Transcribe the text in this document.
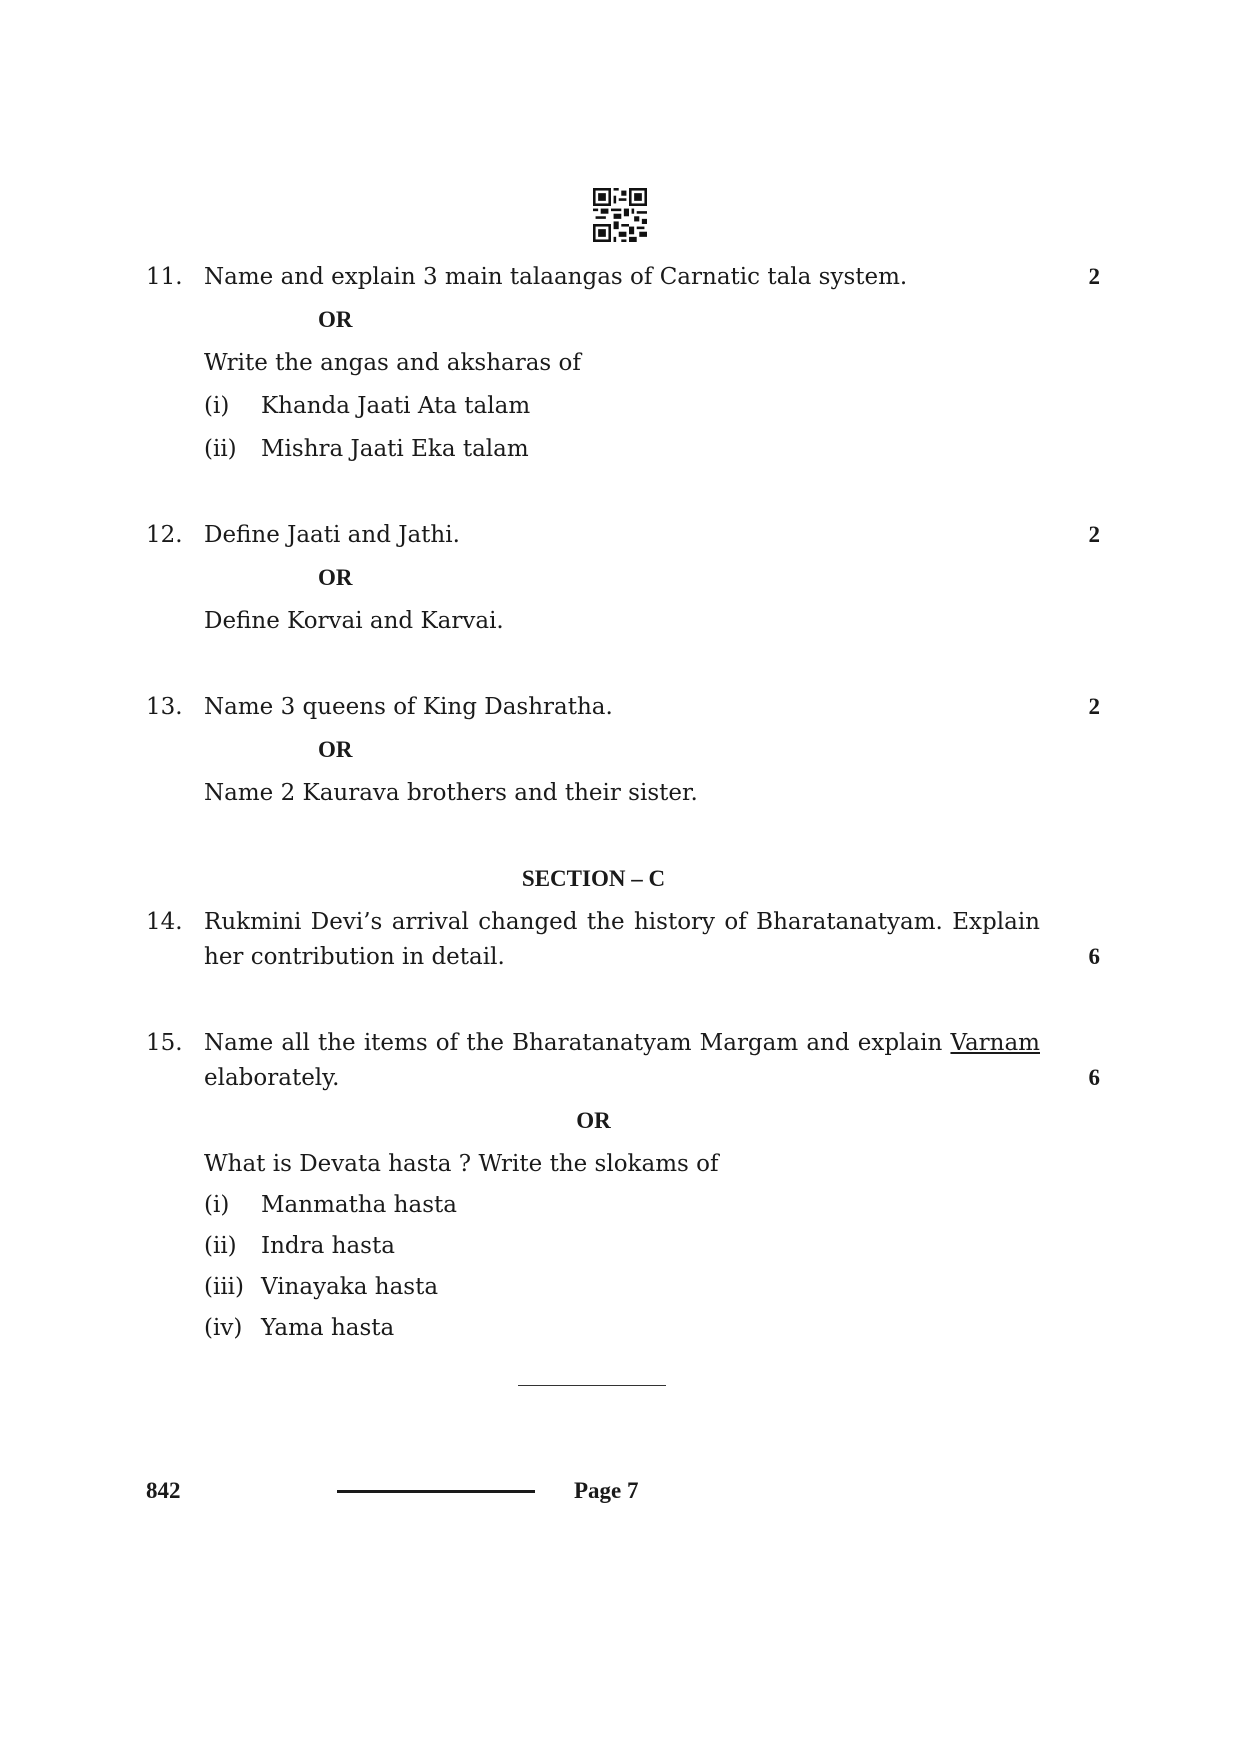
11. Name and explain 3 main talaangas of Carnatic tala system.	2
OR
Write the angas and aksharas of
(i)	Khanda Jaati Ata talam
(ii)	Mishra Jaati Eka talam
12. Define Jaati and Jathi.	2
OR
Define Korvai and Karvai.
13. Name 3 queens of King Dashratha.	2
OR
Name 2 Kaurava brothers and their sister.
SECTION – C
14. Rukmini Devi’s arrival changed the history of Bharatanatyam. Explain
her contribution in detail.	6
15. Name all the items of the Bharatanatyam Margam and explain Varnam
elaborately.	6
OR
What is Devata hasta ? Write the slokams of
(i)	Manmatha hasta
(ii)	Indra hasta
(iii) Vinayaka hasta
(iv) Yama hasta
842	Page 7
